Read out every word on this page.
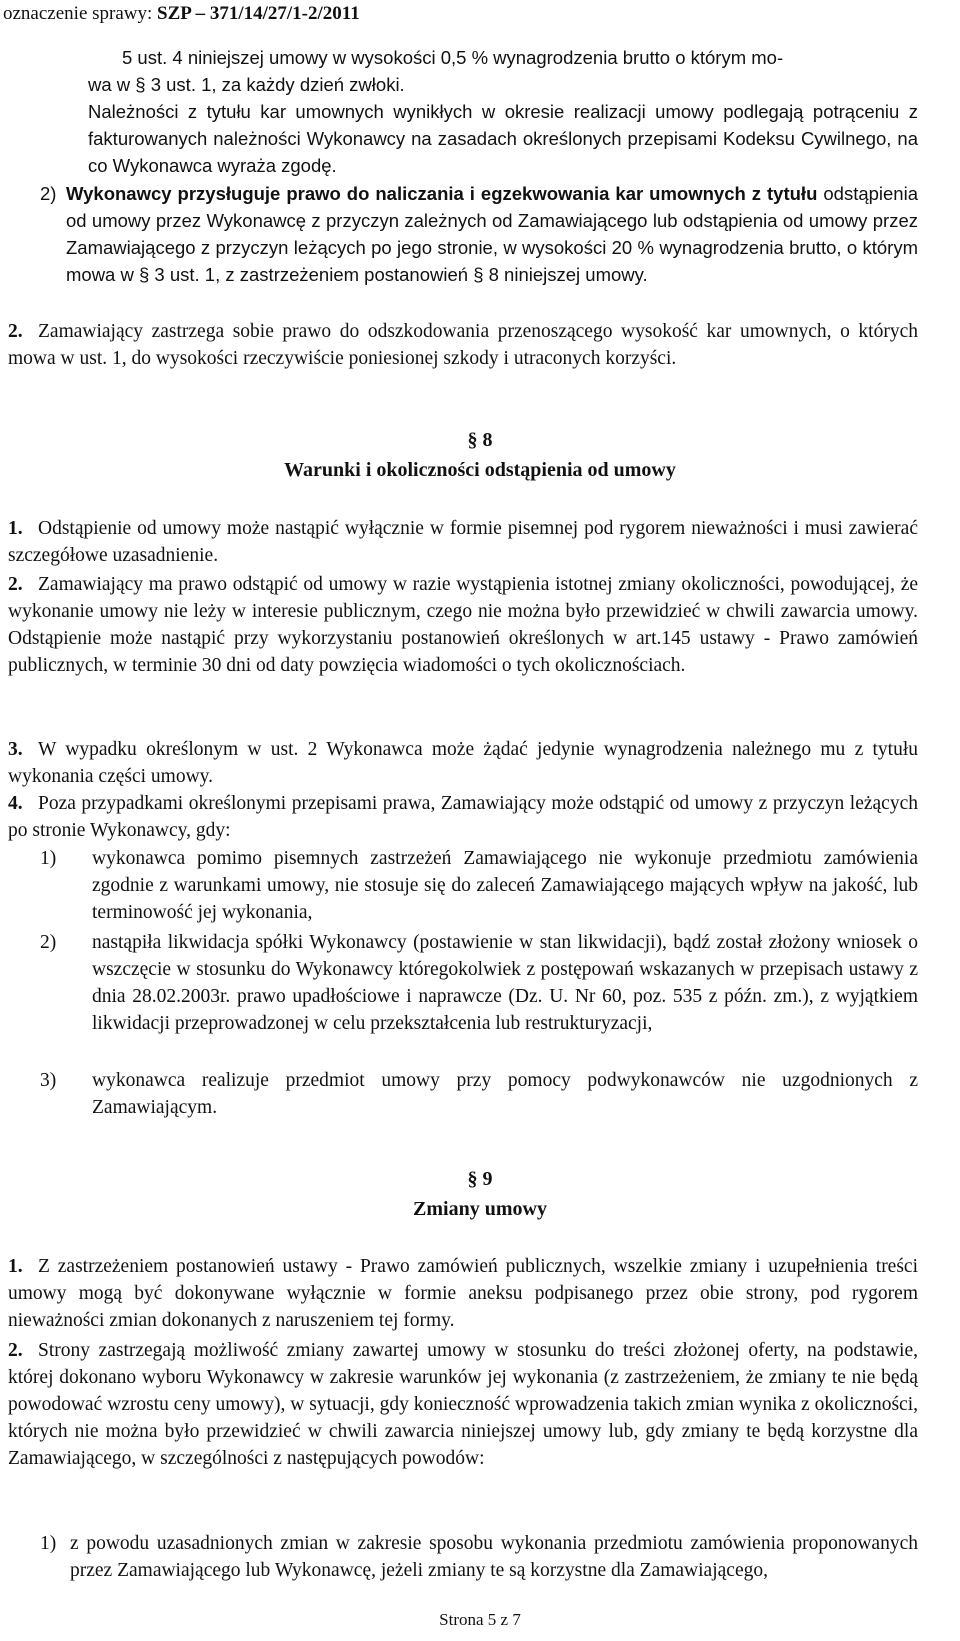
oznaczenie sprawy: SZP – 371/14/27/1-2/2011
5 ust. 4 niniejszej umowy w wysokości 0,5 % wynagrodzenia brutto o którym mo-
wa w § 3 ust. 1, za każdy dzień zwłoki.
Należności z tytułu kar umownych wynikłych w okresie realizacji umowy podlegają potrąceniu z fakturowanych należności Wykonawcy na zasadach określonych przepisami Kodeksu Cywilnego, na co Wykonawca wyraża zgodę.
2) Wykonawcy przysługuje prawo do naliczania i egzekwowania kar umownych z tytułu odstąpienia od umowy przez Wykonawcę z przyczyn zależnych od Zamawiającego lub odstąpienia od umowy przez Zamawiającego z przyczyn leżących po jego stronie, w wysokości 20 % wynagrodzenia brutto, o którym mowa w § 3 ust. 1, z zastrzeżeniem postanowień § 8 niniejszej umowy.
2. Zamawiający zastrzega sobie prawo do odszkodowania przenoszącego wysokość kar umownych, o których mowa w ust. 1, do wysokości rzeczywiście poniesionej szkody i utraconych korzyści.
§ 8
Warunki i okoliczności odstąpienia od umowy
1. Odstąpienie od umowy może nastąpić wyłącznie w formie pisemnej pod rygorem nieważności i musi zawierać szczegółowe uzasadnienie.
2. Zamawiający ma prawo odstąpić od umowy w razie wystąpienia istotnej zmiany okoliczności, powodującej, że wykonanie umowy nie leży w interesie publicznym, czego nie można było przewidzieć w chwili zawarcia umowy. Odstąpienie może nastąpić przy wykorzystaniu postanowień określonych w art.145 ustawy - Prawo zamówień publicznych, w terminie 30 dni od daty powzięcia wiadomości o tych okolicznościach.
3. W wypadku określonym w ust. 2 Wykonawca może żądać jedynie wynagrodzenia należnego mu z tytułu wykonania części umowy.
4. Poza przypadkami określonymi przepisami prawa, Zamawiający może odstąpić od umowy z przyczyn leżących po stronie Wykonawcy, gdy:
1) wykonawca pomimo pisemnych zastrzeżeń Zamawiającego nie wykonuje przedmiotu zamówienia zgodnie z warunkami umowy, nie stosuje się do zaleceń Zamawiającego mających wpływ na jakość, lub terminowość jej wykonania,
2) nastąpiła likwidacja spółki Wykonawcy (postawienie w stan likwidacji), bądź został złożony wniosek o wszczęcie w stosunku do Wykonawcy któregokolwiek z postępowań wskazanych w przepisach ustawy z dnia 28.02.2003r. prawo upadłościowe i naprawcze (Dz. U. Nr 60, poz. 535 z późn. zm.), z wyjątkiem likwidacji przeprowadzonej w celu przekształcenia lub restrukturyzacji,
3) wykonawca realizuje przedmiot umowy przy pomocy podwykonawców nie uzgodnionych z Zamawiającym.
§ 9
Zmiany umowy
1. Z zastrzeżeniem postanowień ustawy - Prawo zamówień publicznych, wszelkie zmiany i uzupełnienia treści umowy mogą być dokonywane wyłącznie w formie aneksu podpisanego przez obie strony, pod rygorem nieważności zmian dokonanych z naruszeniem tej formy.
2. Strony zastrzegają możliwość zmiany zawartej umowy w stosunku do treści złożonej oferty, na podstawie, której dokonano wyboru Wykonawcy w zakresie warunków jej wykonania (z zastrzeżeniem, że zmiany te nie będą powodować wzrostu ceny umowy), w sytuacji, gdy konieczność wprowadzenia takich zmian wynika z okoliczności, których nie można było przewidzieć w chwili zawarcia niniejszej umowy lub, gdy zmiany te będą korzystne dla Zamawiającego, w szczególności z następujących powodów:
1) z powodu uzasadnionych zmian w zakresie sposobu wykonania przedmiotu zamówienia proponowanych przez Zamawiającego lub Wykonawcę, jeżeli zmiany te są korzystne dla Zamawiającego,
Strona 5 z 7
